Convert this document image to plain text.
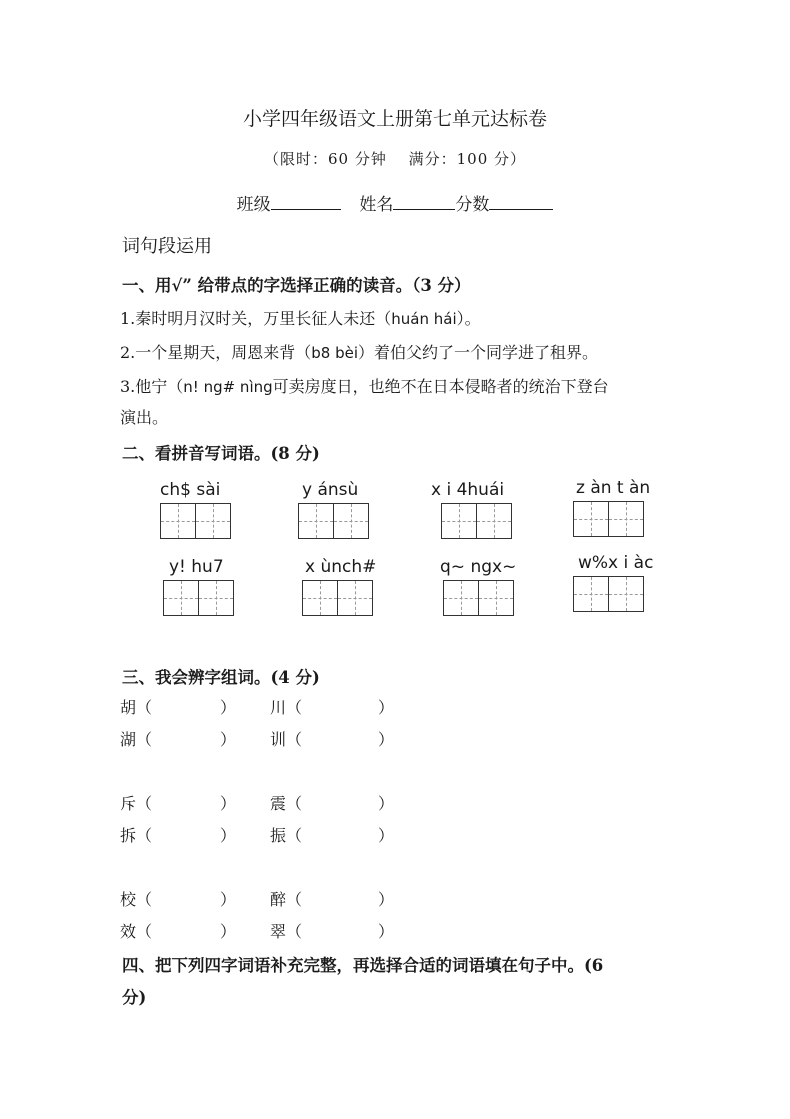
小学四年级语文上册第七单元达标卷
（限时：60 分钟　 满分：100 分）
班级	姓名	分数
词句段运用
一、用√” 给带点的字选择正确的读音。（3 分）
1.秦时明月汉时关，万里长征人未还（huán hái）。
2.一个星期天，周恩来背（b8 bèi）着伯父约了一个同学进了租界。
3.他宁（n! ng# nìng可卖房度日，也绝不在日本侵略者的统治下登台
演出。
二、看拼音写词语。(8 分)
ch$ sài	y ánsù	x i 4huái	z àn t àn
y! hu7	x ùnch#	q~ ngx~	w%x i àc
三、我会辨字组词。(4 分)
胡（	） 川（	）
湖（	） 训（	）
斥（	） 震（	）
拆（	） 振（	）
校（	） 醉（	）
效（	） 翠（	）
四、把下列四字词语补充完整，再选择合适的词语填在句子中。(6
分)
